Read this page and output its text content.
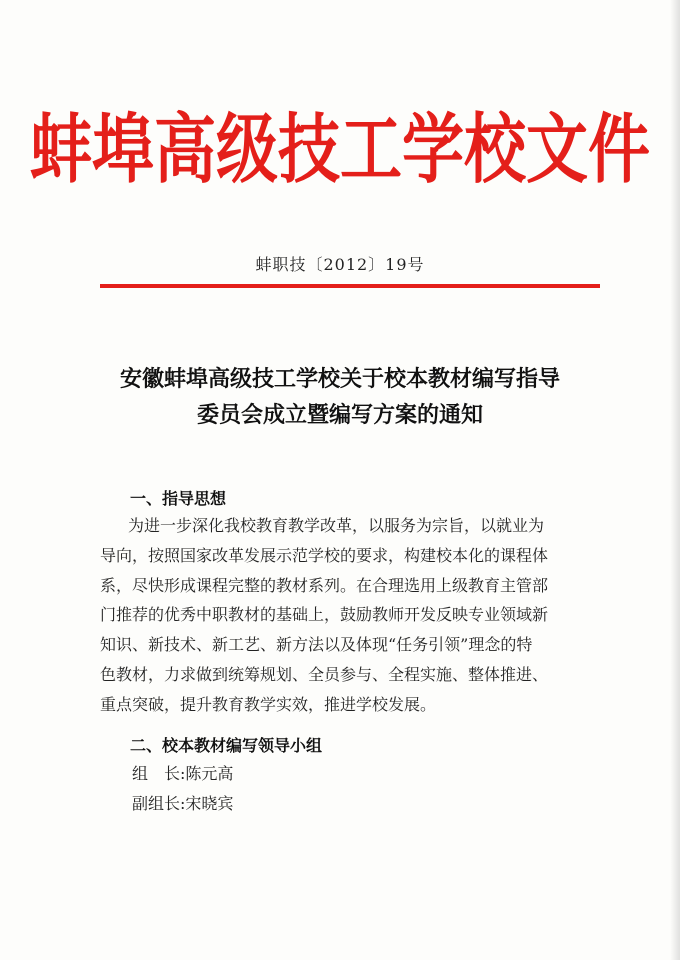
蚌埠高级技工学校文件
蚌职技〔2012〕19号
安徽蚌埠高级技工学校关于校本教材编写指导
委员会成立暨编写方案的通知
一、指导思想
为进一步深化我校教育教学改革，以服务为宗旨，以就业为
导向，按照国家改革发展示范学校的要求，构建校本化的课程体
系，尽快形成课程完整的教材系列。在合理选用上级教育主管部
门推荐的优秀中职教材的基础上，鼓励教师开发反映专业领域新
知识、新技术、新工艺、新方法以及体现“任务引领”理念的特
色教材，力求做到统筹规划、全员参与、全程实施、整体推进、
重点突破，提升教育教学实效，推进学校发展。
二、校本教材编写领导小组
组　长:陈元高
副组长:宋晓宾
